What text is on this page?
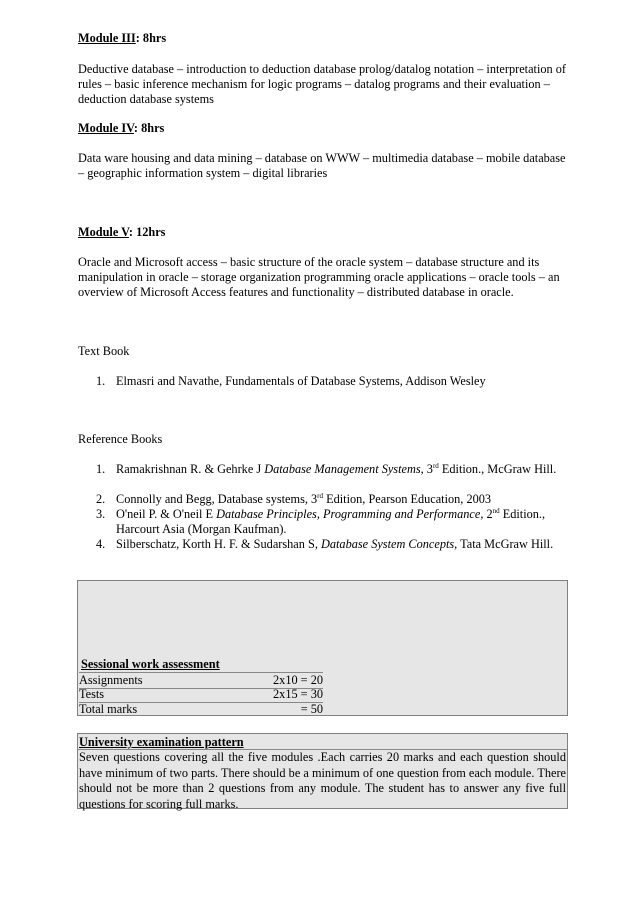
Module III: 8hrs
Deductive database – introduction to deduction database prolog/datalog notation – interpretation of rules – basic inference mechanism for logic programs – datalog programs and their evaluation – deduction database systems
Module IV: 8hrs
Data ware housing and data mining – database on WWW – multimedia database – mobile database – geographic information system – digital libraries
Module V: 12hrs
Oracle and Microsoft access – basic structure of the oracle system – database structure and its manipulation in oracle – storage organization programming oracle applications – oracle tools – an overview of Microsoft Access features and functionality – distributed database in oracle.
Text Book
1. Elmasri and Navathe, Fundamentals of Database Systems, Addison Wesley
Reference Books
1. Ramakrishnan R. & Gehrke J Database Management Systems, 3rd Edition., McGraw Hill.
2. Connolly and Begg, Database systems, 3rd Edition, Pearson Education, 2003
3. O'neil P. & O'neil E Database Principles, Programming and Performance, 2nd Edition., Harcourt Asia (Morgan Kaufman).
4. Silberschatz, Korth H. F. & Sudarshan S, Database System Concepts, Tata McGraw Hill.
Sessional work assessment
Assignments	2x10 = 20
Tests	2x15 = 30
Total marks	= 50
University examination pattern
Seven questions covering all the five modules .Each carries 20 marks and each question should have minimum of two parts. There should be a minimum of one question from each module. There should not be more than 2 questions from any module. The student has to answer any five full questions for scoring full marks.
